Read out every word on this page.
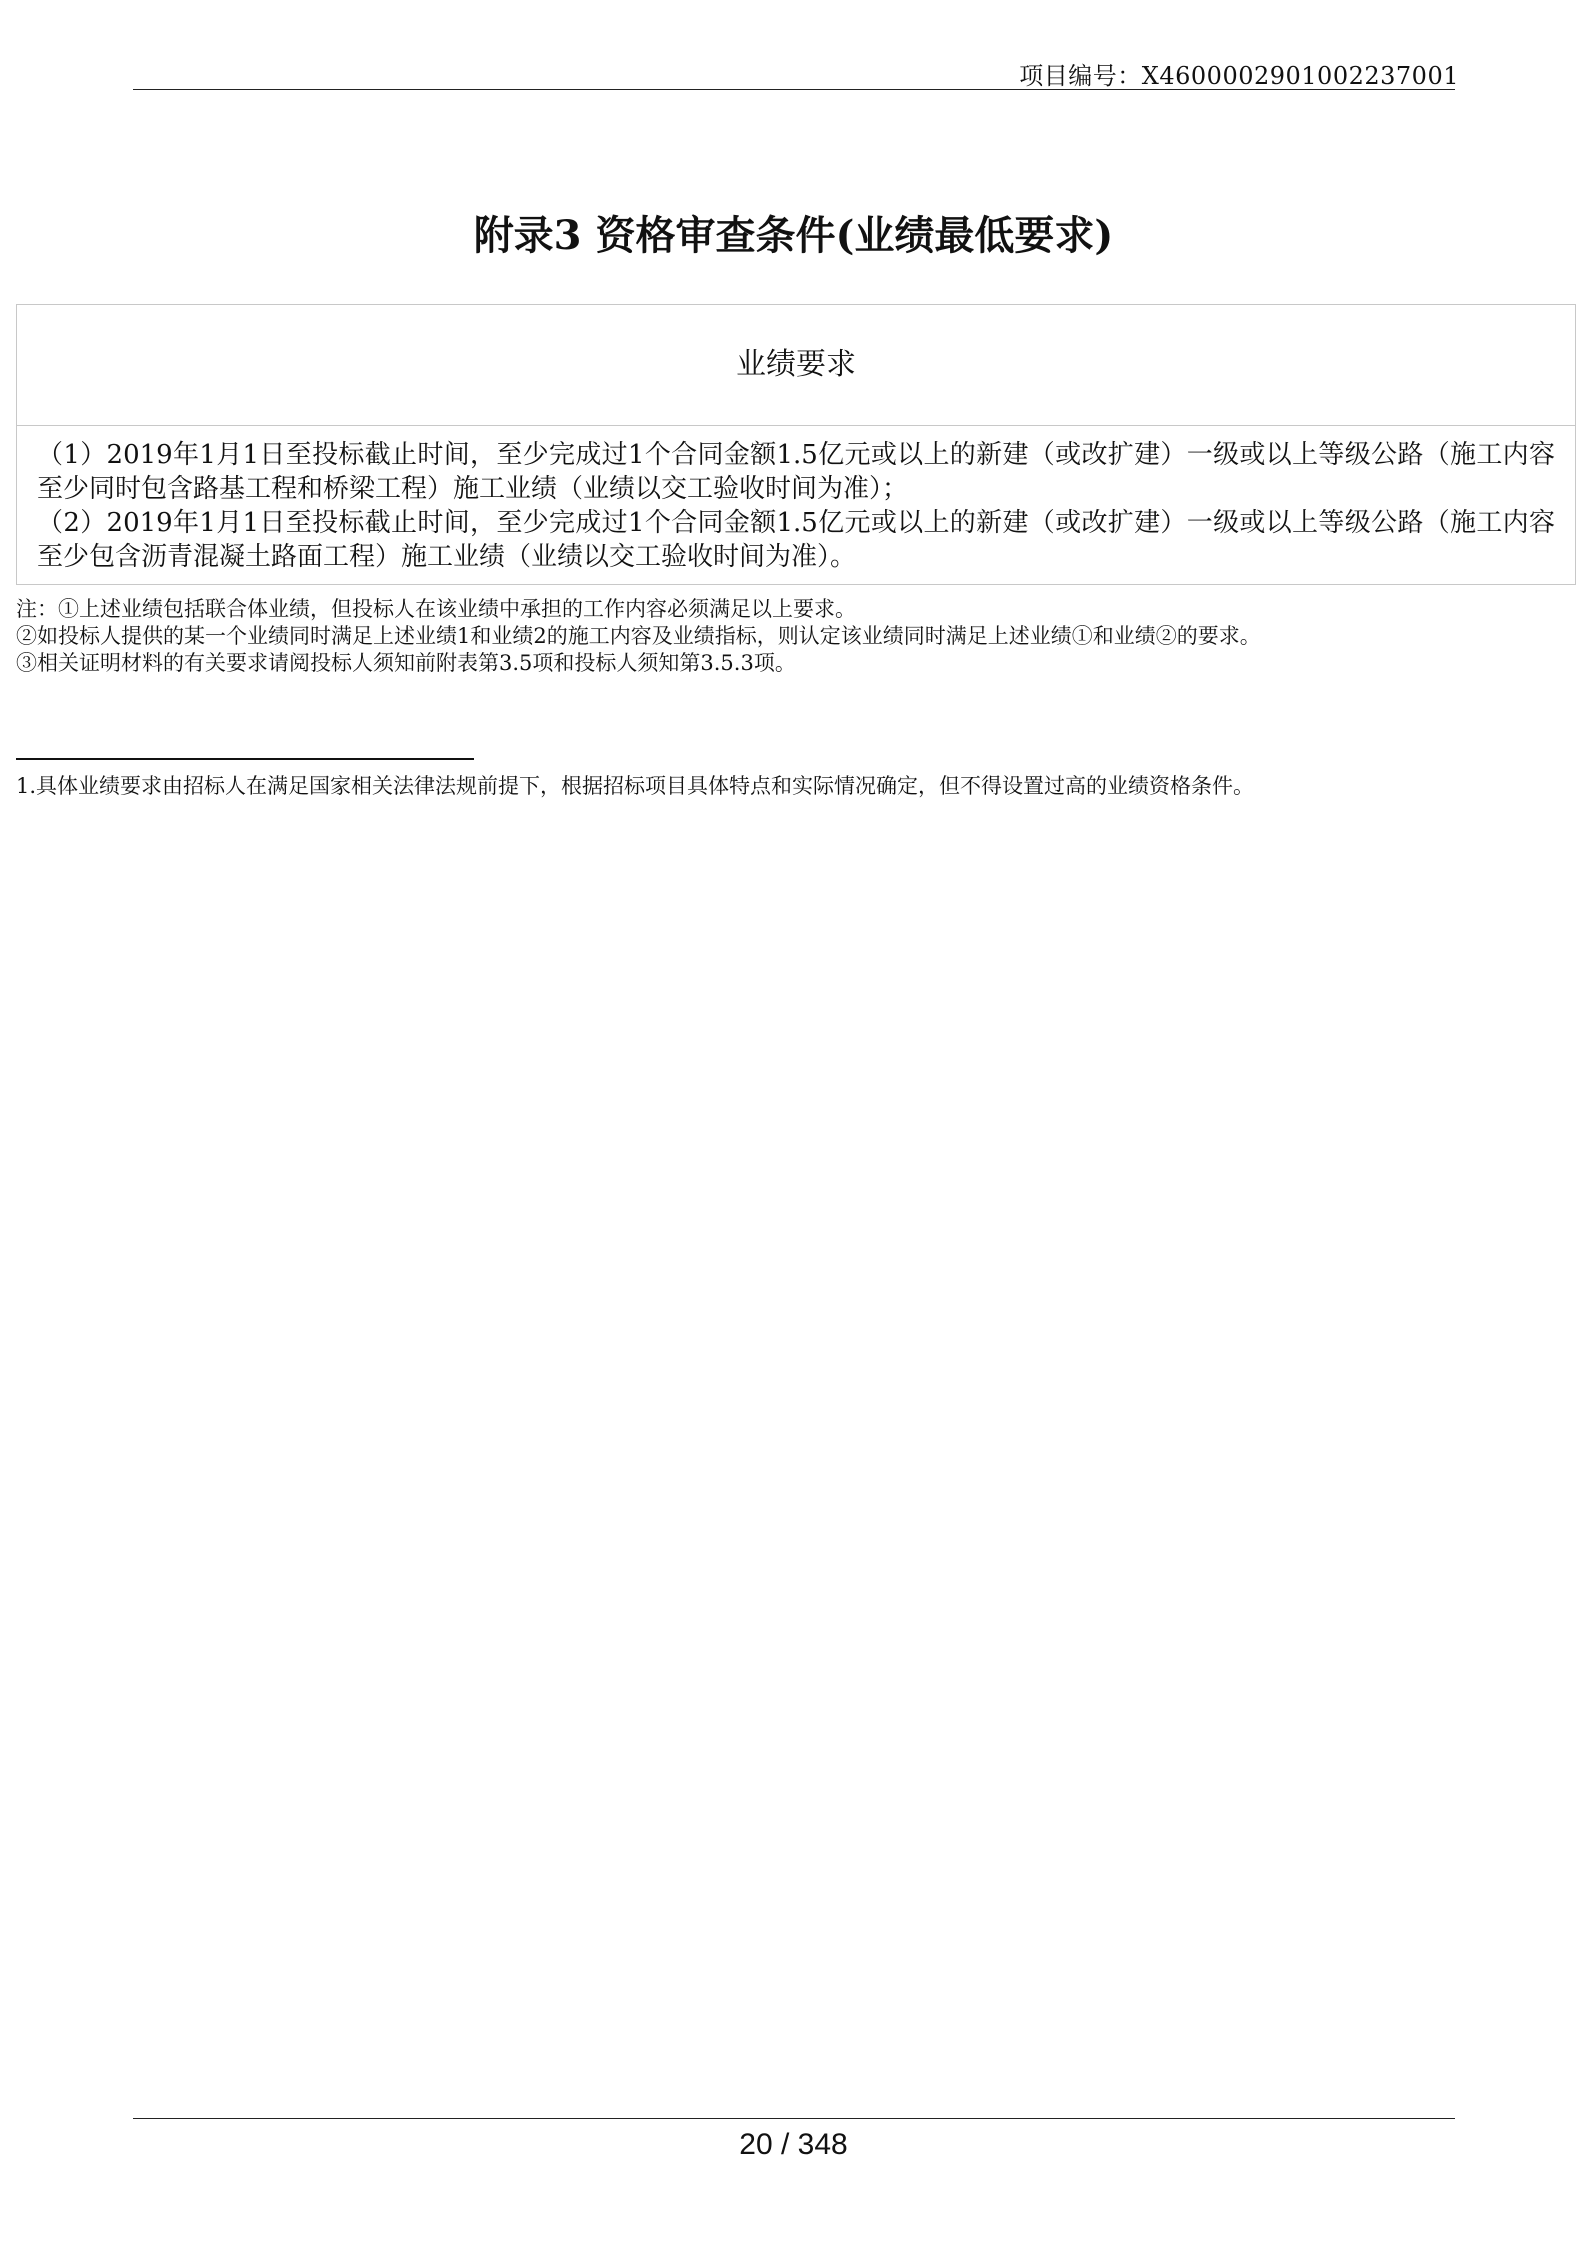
项目编号：X4600002901002237001
附录3 资格审查条件(业绩最低要求)
业绩要求

（1）2019年1月1日至投标截止时间，至少完成过1个合同金额1.5亿元或以上的新建（或改扩建）一级或以上等级公路（施工内容至少同时包含路基工程和桥梁工程）施工业绩（业绩以交工验收时间为准）；

（2）2019年1月1日至投标截止时间，至少完成过1个合同金额1.5亿元或以上的新建（或改扩建）一级或以上等级公路（施工内容至少包含沥青混凝土路面工程）施工业绩（业绩以交工验收时间为准）。

注：①上述业绩包括联合体业绩，但投标人在该业绩中承担的工作内容必须满足以上要求。

②如投标人提供的某一个业绩同时满足上述业绩1和业绩2的施工内容及业绩指标，则认定该业绩同时满足上述业绩①和业绩②的要求。

③相关证明材料的有关要求请阅投标人须知前附表第3.5项和投标人须知第3.5.3项。

1.具体业绩要求由招标人在满足国家相关法律法规前提下，根据招标项目具体特点和实际情况确定，但不得设置过高的业绩资格条件。
20 / 348
